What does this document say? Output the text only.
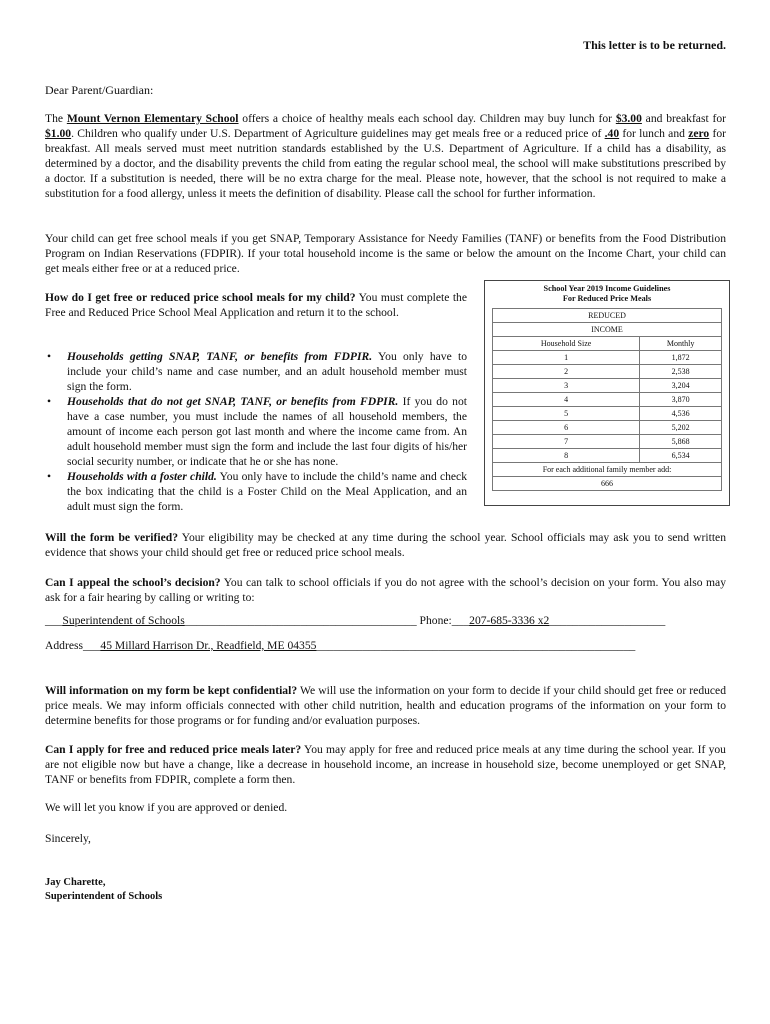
This letter is to be returned.
Dear Parent/Guardian:

The Mount Vernon Elementary School offers a choice of healthy meals each school day. Children may buy lunch for $3.00 and breakfast for $1.00. Children who qualify under U.S. Department of Agriculture guidelines may get meals free or a reduced price of .40 for lunch and zero for breakfast. All meals served must meet nutrition standards established by the U.S. Department of Agriculture. If a child has a disability, as determined by a doctor, and the disability prevents the child from eating the regular school meal, the school will make substitutions prescribed by a doctor. If a substitution is needed, there will be no extra charge for the meal. Please note, however, that the school is not required to make a substitution for a food allergy, unless it meets the definition of disability. Please call the school for further information.

Your child can get free school meals if you get SNAP, Temporary Assistance for Needy Families (TANF) or benefits from the Food Distribution Program on Indian Reservations (FDPIR). If your total household income is the same or below the amount on the Income Chart, your child can get meals either free or at a reduced price.

How do I get free or reduced price school meals for my child? You must complete the Free and Reduced Price School Meal Application and return it to the school.

• Households getting SNAP, TANF, or benefits from FDPIR. You only have to include your child’s name and case number, and an adult household member must sign the form.
• Households that do not get SNAP, TANF, or benefits from FDPIR. If you do not have a case number, you must include the names of all household members, the amount of income each person got last month and where the income came from. An adult household member must sign the form and include the last four digits of his/her social security number, or indicate that he or she has none.
• Households with a foster child. You only have to include the child’s name and check the box indicating that the child is a Foster Child on the Meal Application, and an adult must sign the form.
School Year 2019 Income Guidelines
For Reduced Price Meals
REDUCED	
INCOME	
Household Size	Monthly
1	1,872
2	2,538
3	3,204
4	3,870
5	4,536
6	5,202
7	5,868
8	6,534
For each additional family member add:	
666	

Will the form be verified? Your eligibility may be checked at any time during the school year. School officials may ask you to send written evidence that shows your child should get free or reduced price school meals.

Can I appeal the school’s decision? You can talk to school officials if you do not agree with the school’s decision on your form. You also may ask for a fair hearing by calling or writing to:

___Superintendent of Schools________________________________________ Phone:___207-685-3336 x2____________________
Address___45 Millard Harrison Dr., Readfield, ME 04355_______________________________________________________

Will information on my form be kept confidential? We will use the information on your form to decide if your child should get free or reduced price meals. We may inform officials connected with other child nutrition, health and education programs of the information on your form to determine benefits for those programs or for funding and/or evaluation purposes.

Can I apply for free and reduced price meals later? You may apply for free and reduced price meals at any time during the school year. If you are not eligible now but have a change, like a decrease in household income, an increase in household size, become unemployed or get SNAP, TANF or benefits from FDPIR, complete a form then.

We will let you know if you are approved or denied.
Sincerely,
Jay Charette,
Superintendent of Schools
